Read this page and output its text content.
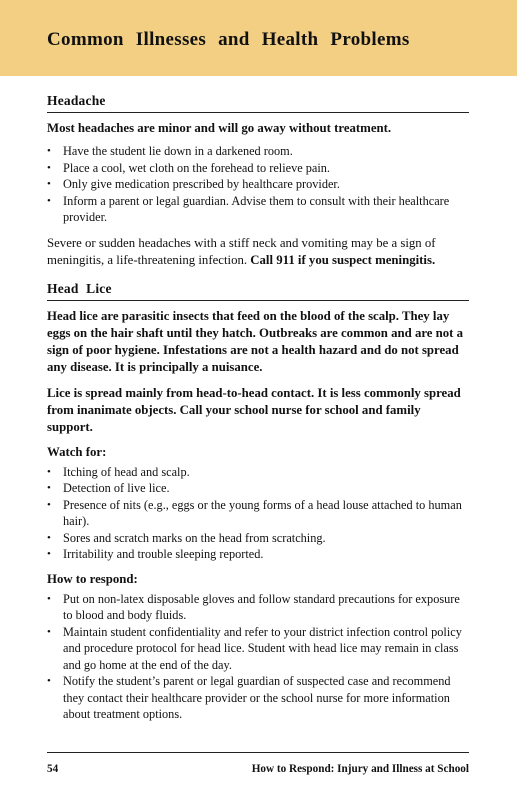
Common Illnesses and Health Problems
Headache

Most headaches are minor and will go away without treatment.

• Have the student lie down in a darkened room.
• Place a cool, wet cloth on the forehead to relieve pain.
• Only give medication prescribed by healthcare provider.
• Inform a parent or legal guardian. Advise them to consult with their healthcare provider.

Severe or sudden headaches with a stiff neck and vomiting may be a sign of meningitis, a life-threatening infection. Call 911 if you suspect meningitis.

Head Lice

Head lice are parasitic insects that feed on the blood of the scalp. They lay eggs on the hair shaft until they hatch. Outbreaks are common and are not a sign of poor hygiene. Infestations are not a health hazard and do not spread any disease. It is principally a nuisance.

Lice is spread mainly from head-to-head contact. It is less commonly spread from inanimate objects. Call your school nurse for school and family support.

Watch for:
• Itching of head and scalp.
• Detection of live lice.
• Presence of nits (e.g., eggs or the young forms of a head louse attached to human hair).
• Sores and scratch marks on the head from scratching.
• Irritability and trouble sleeping reported.
How to respond:
• Put on non-latex disposable gloves and follow standard precautions for exposure to blood and body fluids.
• Maintain student confidentiality and refer to your district infection control policy and procedure protocol for head lice. Student with head lice may remain in class and go home at the end of the day.
• Notify the student’s parent or legal guardian of suspected case and recommend they contact their healthcare provider or the school nurse for more information about treatment options.
54	How to Respond: Injury and Illness at School
